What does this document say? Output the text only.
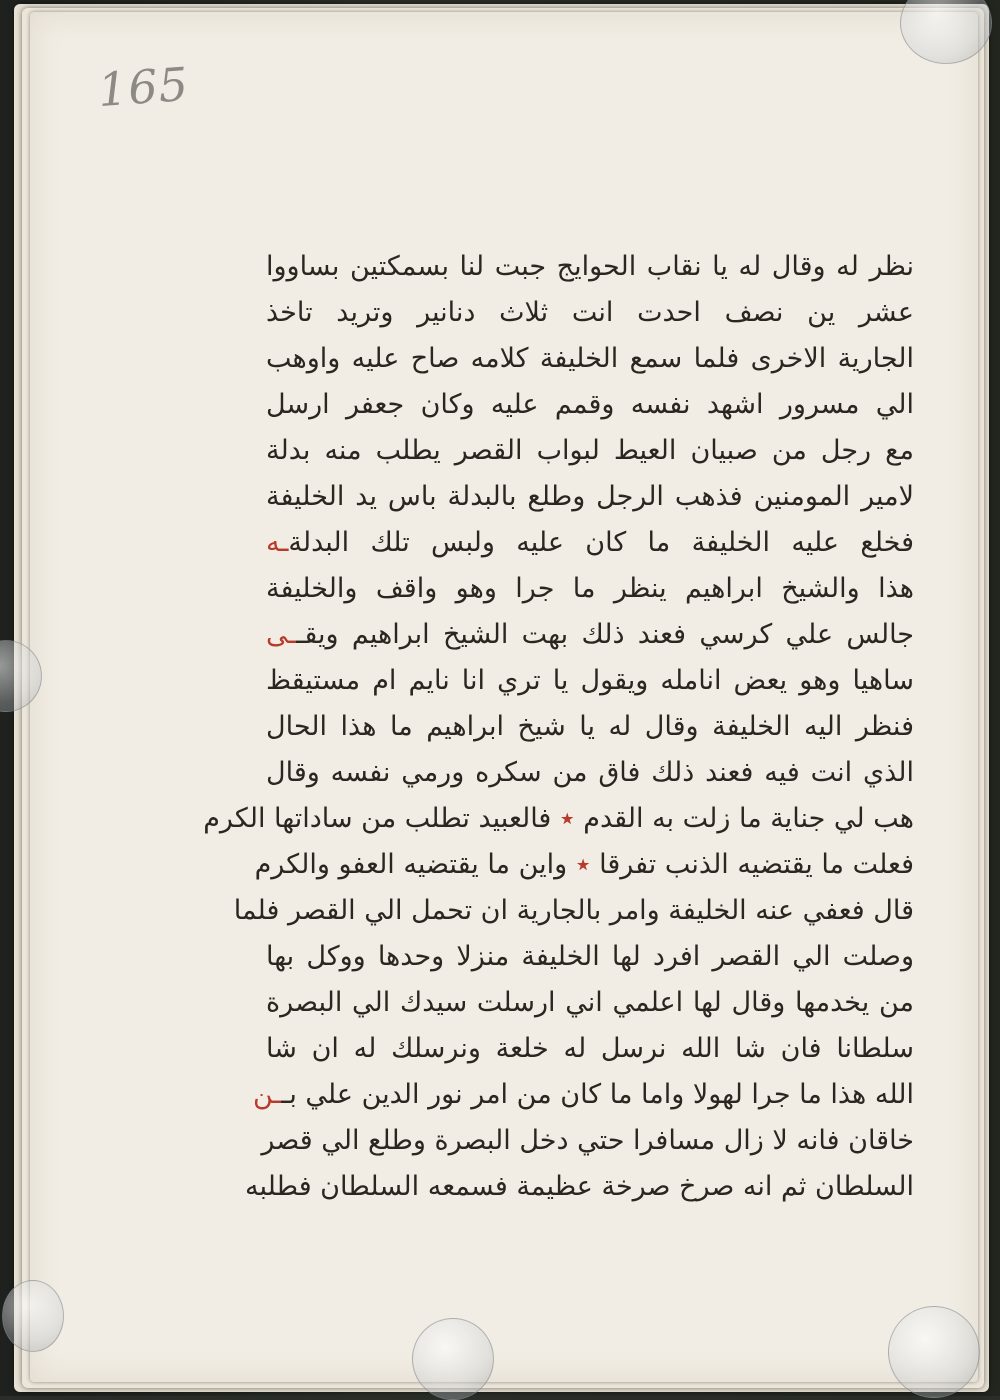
165
نظر له وقال له يا نقاب الحوايج جبت لنا بسمكتين بساووا
عشر ين نصف احدت انت ثلاث دنانير وتريد تاخذ
الجارية الاخرى فلما سمع الخليفة كلامه صاح عليه واوهب
الي مسرور اشهد نفسه وقمم عليه وكان جعفر ارسل
مع رجل من صبيان العيط لبواب القصر يطلب منه بدلة
لامير المومنين فذهب الرجل وطلع بالبدلة باس يد الخليفة
فخلع عليه الخليفة ما كان عليه ولبس تلك البدلةـه
هذا والشيخ ابراهيم ينظر ما جرا وهو واقف والخليفة
جالس علي كرسي فعند ذلك بهت الشيخ ابراهيم ويقــى
ساهيا وهو يعض انامله ويقول يا تري انا نايم ام مستيقظ
فنظر اليه الخليفة وقال له يا شيخ ابراهيم ما هذا الحال
الذي انت فيه فعند ذلك فاق من سكره ورمي نفسه وقال
هب لي جناية ما زلت به القدم ٭ فالعبيد تطلب من ساداتها الكرم
فعلت ما يقتضيه الذنب تفرقا ٭ واين ما يقتضيه العفو والكرم
قال فعفي عنه الخليفة وامر بالجارية ان تحمل الي القصر فلما
وصلت الي القصر افرد لها الخليفة منزلا وحدها ووكل بها
من يخدمها وقال لها اعلمي اني ارسلت سيدك الي البصرة
سلطانا فان شا الله نرسل له خلعة ونرسلك له ان شا
الله هذا ما جرا لهولا واما ما كان من امر نور الدين علي بــن
خاقان فانه لا زال مسافرا حتي دخل البصرة وطلع الي قصر
السلطان ثم انه صرخ صرخة عظيمة فسمعه السلطان فطلبه
